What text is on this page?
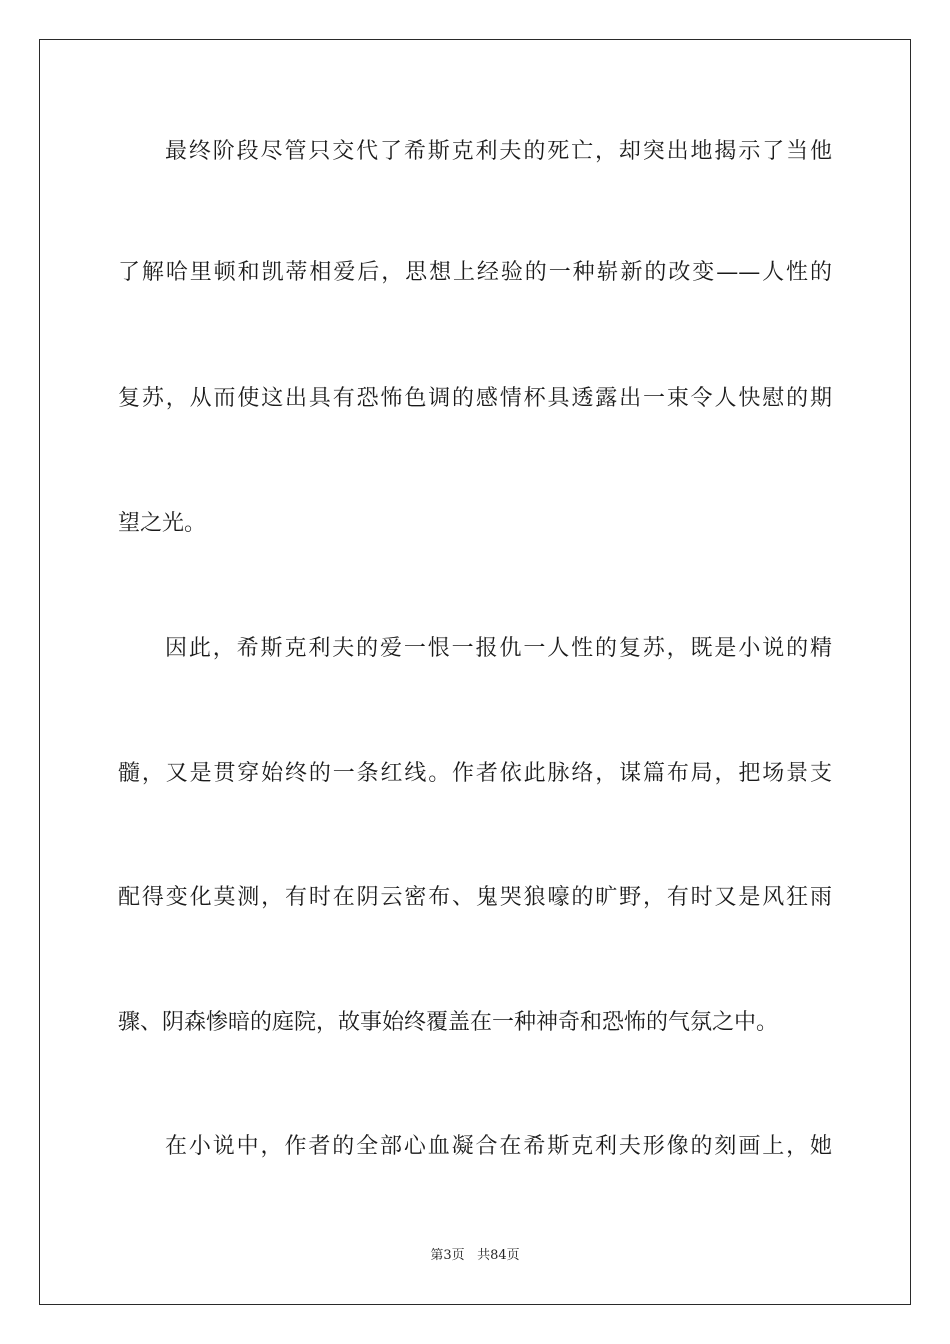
最终阶段尽管只交代了希斯克利夫的死亡，却突出地揭示了当他
了解哈里顿和凯蒂相爱后，思想上经验的一种崭新的改变——人性的
复苏，从而使这出具有恐怖色调的感情杯具透露出一束令人快慰的期
望之光。
因此，希斯克利夫的爱一恨一报仇一人性的复苏，既是小说的精
髓，又是贯穿始终的一条红线。作者依此脉络，谋篇布局，把场景支
配得变化莫测，有时在阴云密布、鬼哭狼嚎的旷野，有时又是风狂雨
骤、阴森惨暗的庭院，故事始终覆盖在一种神奇和恐怖的气氛之中。
在小说中，作者的全部心血凝合在希斯克利夫形像的刻画上，她
第3页 共84页
